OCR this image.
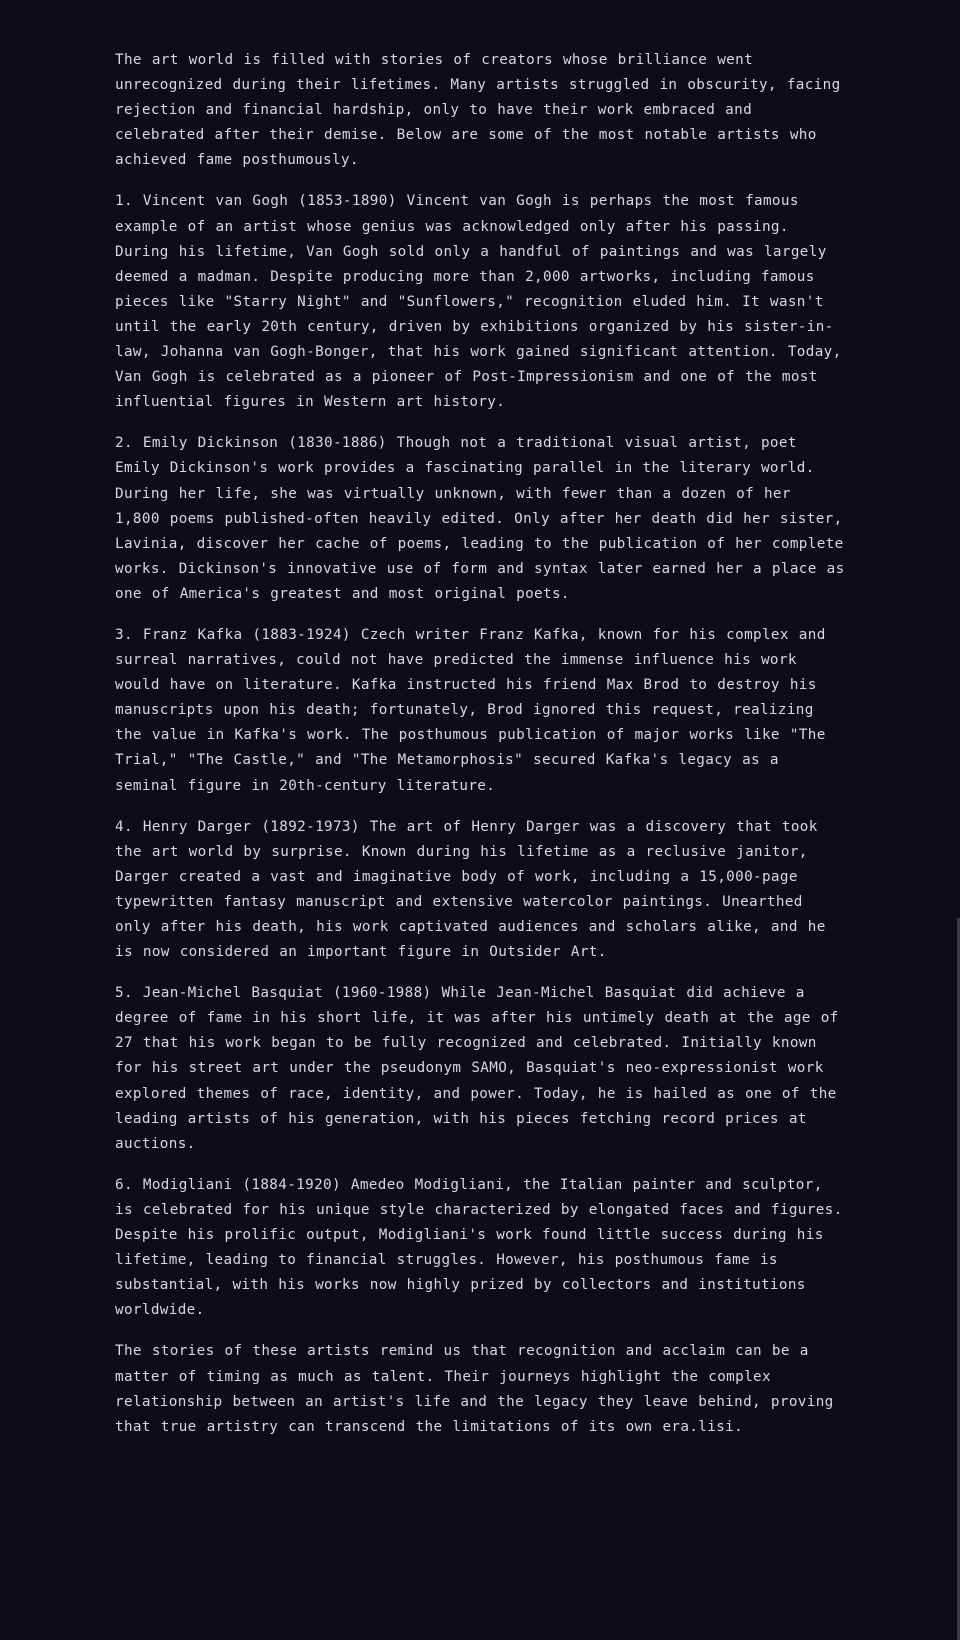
The art world is filled with stories of creators whose brilliance went unrecognized during their lifetimes. Many artists struggled in obscurity, facing rejection and financial hardship, only to have their work embraced and celebrated after their demise. Below are some of the most notable artists who achieved fame posthumously.

1. Vincent van Gogh (1853-1890) Vincent van Gogh is perhaps the most famous example of an artist whose genius was acknowledged only after his passing. During his lifetime, Van Gogh sold only a handful of paintings and was largely deemed a madman. Despite producing more than 2,000 artworks, including famous pieces like "Starry Night" and "Sunflowers," recognition eluded him. It wasn't until the early 20th century, driven by exhibitions organized by his sister-in-law, Johanna van Gogh-Bonger, that his work gained significant attention. Today, Van Gogh is celebrated as a pioneer of Post-Impressionism and one of the most influential figures in Western art history.

2. Emily Dickinson (1830-1886) Though not a traditional visual artist, poet Emily Dickinson's work provides a fascinating parallel in the literary world. During her life, she was virtually unknown, with fewer than a dozen of her 1,800 poems published-often heavily edited. Only after her death did her sister, Lavinia, discover her cache of poems, leading to the publication of her complete works. Dickinson's innovative use of form and syntax later earned her a place as one of America's greatest and most original poets.

3. Franz Kafka (1883-1924) Czech writer Franz Kafka, known for his complex and surreal narratives, could not have predicted the immense influence his work would have on literature. Kafka instructed his friend Max Brod to destroy his manuscripts upon his death; fortunately, Brod ignored this request, realizing the value in Kafka's work. The posthumous publication of major works like "The Trial," "The Castle," and "The Metamorphosis" secured Kafka's legacy as a seminal figure in 20th-century literature.

4. Henry Darger (1892-1973) The art of Henry Darger was a discovery that took the art world by surprise. Known during his lifetime as a reclusive janitor, Darger created a vast and imaginative body of work, including a 15,000-page typewritten fantasy manuscript and extensive watercolor paintings. Unearthed only after his death, his work captivated audiences and scholars alike, and he is now considered an important figure in Outsider Art.

5. Jean-Michel Basquiat (1960-1988) While Jean-Michel Basquiat did achieve a degree of fame in his short life, it was after his untimely death at the age of 27 that his work began to be fully recognized and celebrated. Initially known for his street art under the pseudonym SAMO, Basquiat's neo-expressionist work explored themes of race, identity, and power. Today, he is hailed as one of the leading artists of his generation, with his pieces fetching record prices at auctions.

6. Modigliani (1884-1920) Amedeo Modigliani, the Italian painter and sculptor, is celebrated for his unique style characterized by elongated faces and figures. Despite his prolific output, Modigliani's work found little success during his lifetime, leading to financial struggles. However, his posthumous fame is substantial, with his works now highly prized by collectors and institutions worldwide.

The stories of these artists remind us that recognition and acclaim can be a matter of timing as much as talent. Their journeys highlight the complex relationship between an artist's life and the legacy they leave behind, proving that true artistry can transcend the limitations of its own era.lisi.
